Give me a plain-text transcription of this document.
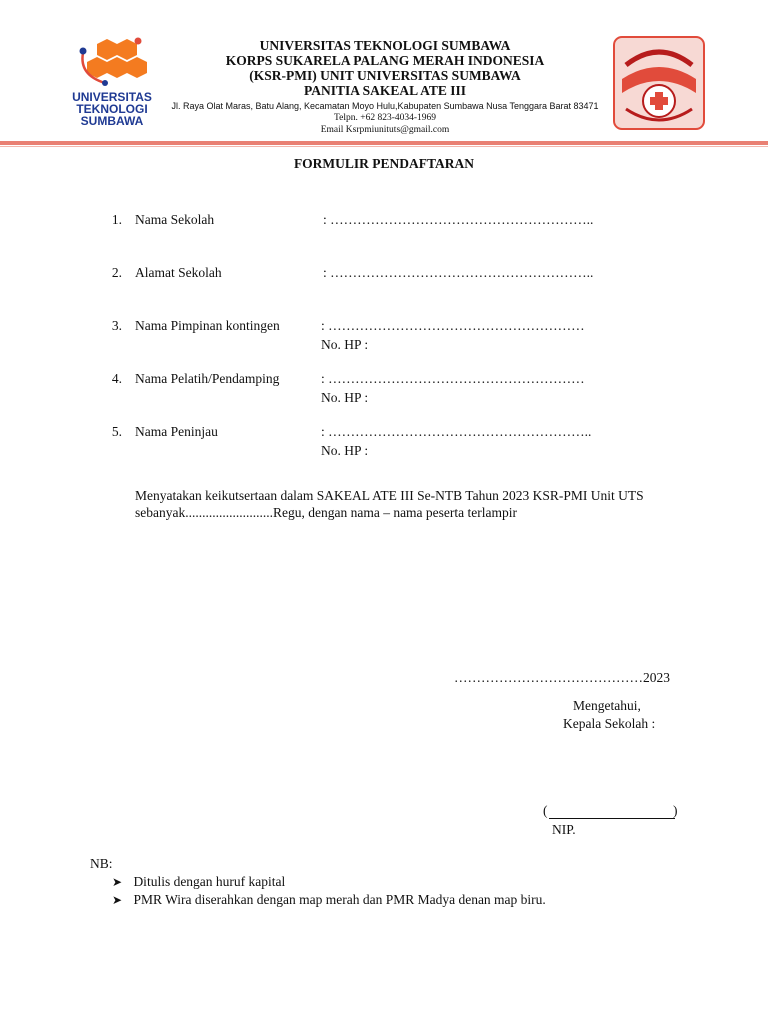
UNIVERSITAS
TEKNOLOGI
SUMBAWA
UNIVERSITAS TEKNOLOGI SUMBAWA
KORPS SUKARELA PALANG MERAH INDONESIA
(KSR-PMI) UNIT UNIVERSITAS SUMBAWA
PANITIA SAKEAL ATE III
Jl. Raya Olat Maras, Batu Alang, Kecamatan Moyo Hulu,Kabupaten Sumbawa Nusa Tenggara Barat 83471
Telpn. +62 823-4034-1969
Email Ksrpmiunituts@gmail.com
FORMULIR PENDAFTARAN
1. Nama Sekolah	: …………………………………………………..
2. Alamat Sekolah	: …………………………………………………..
3. Nama Pimpinan kontingen	: …………………………………………………
No. HP :
4. Nama Pelatih/Pendamping	: …………………………………………………
No. HP :
5. Nama Peninjau	: …………………………………………………..
No. HP :
Menyatakan keikutsertaan dalam SAKEAL ATE III Se-NTB Tahun 2023 KSR-PMI Unit UTS
sebanyak..........................Regu, dengan nama – nama peserta terlampir
……………………………………2023
Mengetahui,
Kepala Sekolah :
(	)
NIP.
NB:
➤ Ditulis dengan huruf kapital
➤ PMR Wira diserahkan dengan map merah dan PMR Madya denan map biru.
